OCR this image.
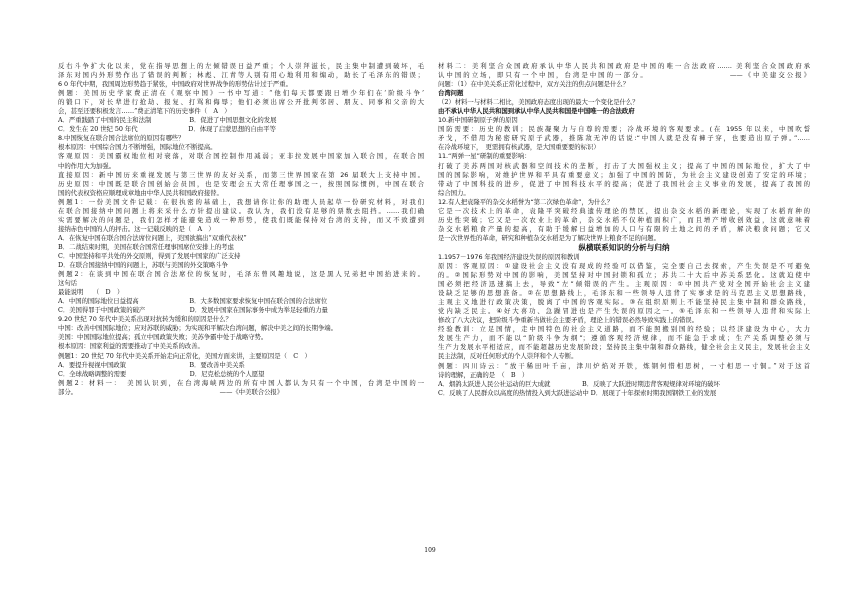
反右斗争扩大化以来，党在指导思想上的左倾错误日益严重；个人崇拜滋长，民主集中制遭到破坏，毛
泽东对国内外形势作出了错误的判断；林彪、江青等人别有用心地利用和煽动，助长了毛泽东的错误；
6 0 年代中期，我国周边形势趋于紧张，中国政府对世界战争的形势估计过于严重。
例题：美国历史学家费正清在《观察中国》一书中写道：“他们每天都要跟日增少年们在‘阶级斗争’
的锻口下，对长辈进行抢劫、报复、打骂和侮辱；他们必须出席公开批判邻居、朋友、同事和父亲的大
会，甚至还要积极发言……”费正清笔下的历史事件（　A　）
A．严重践踏了中国的民主和法制　　　　　　B．促进了中国思想文化的发展
C．发生在 20 世纪 50 年代　　　　　　　　D．体现了启蒙思想的自由平等
8.中国恢复在联合国合法席位的原因有哪些？
根本原因：中国综合国力不断增强，国际地位不断提高。
客观原因：美国霸权地位相对衰落，对联合国控制作用减弱；亚非拉发展中国家加入联合国，在联合国
中的作用大为加强。
直接原因：新中国历来重视发展与第三世界的友好关系，而第三世界国家在第 26 届联大上支持中国。
历史原因：中国既是联合国创始会员国，也是安理会五大常任理事国之一，按照国际惯例，中国在联合
国的代表权资格应顺理成章地由中华人民共和国政府接替。
例题1：一份美国文件记载：在很执密的基础上，我想请你让你的助理人员起草一份研究材料，对我们
在联合国接纳中国问题上将来采什么方针提出建议。我认为，我们没有足够的票数去阻挡。……我们确
实需要解决的问题是，我们怎样才能避免造成一种形势，使我们既能保持对台湾的支持，而又不致遭到
接纳赤色中国的人的抨击。这一记载反映的是（　A　）
A．在恢复中国在联合国合法席位问题上，美国欲搞出“双重代表权”
B．二战结束时期，美国在联合国常任理事国席位安排上的考虑
C．中国坚持和平共处的外交原则，得到了发展中国家的广泛支持
D．在联合国接纳中国的问题上，苏联与美国的外交策略斗争
例题2：在谈到中国在联合国合法席位的恢复时，毛泽东曾风趣地说，这是黑人兄弟把中国抬进来的。
这句话
最能说明　　（　D　）
A．中国的国际地位日益提高　　　　　　　　B．大多数国家要求恢复中国在联合国的合法席位
C．美国得罪于中国政策的破产　　　　　　　D．发展中国家在国际事务中成为举足轻重的力量
9.20 世纪 70 年代中美关系出现对抗转为缓和的原因是什么？
中国：改善中国国际地位；应对苏联的威胁；为实现和平解决台湾问题，解决中美之间的长期争端。
美国：中国国际地位提高；孤立中国政策失败；美苏争霸中处于战略守势。
根本原因：国家利益的需要推动了中美关系的改善。
例题1：20 世纪 70 年代中美关系开始走向正常化，美国方面来讲，主要原因是（　C　）
A．要提升视视中国政策　　　　　　　　　　B．要改善中美关系
C．全球战略调整的需要　　　　　　　　　　D．尼克松总统的个人愿望
例题2：材料一：　美国认识到，在台湾海峡两边的所有中国人都认为只有一个中国，台湾是中国的一
部分。　　　　　　　　　　　　　　　　　　　　　　　——《中美联合公报》
材料二：美利坚合众国政府承认中华人民共和国政府是中国的唯一合法政府……. 美利坚合众国政府承
认中国的立场，即只有一个中国，台湾是中国的一部分。　　　　　　　　　　——《中美建交公报》
问题：（1）在中美关系正常化过程中，双方关注的焦点问题是什么？
台湾问题
（2）材料一与材料二相比，美国政府态度出现的最大一个变化是什么？
由不承认中华人民共和国到承认中华人民共和国是中国唯一的合法政府
10.新中国研制原子弹的原因
国防需要：历史的教训；民族凝聚力与自尊的需要；冷战环境的客观要求。(在 1955 年以来，中国吹誓
矛戈，不借用为秘密研究原子武器，推陈敌无冲的话说:“中国人就是没有褲子穿，也要造出原子弹。”……
在冷战环境下，　更需拥有核武器，是大国重要要的标识）
11.“两弹一星”研制的重要影响：
打破了美苏两国对核武器和空间技术的垄断，打击了大国强权主义；提高了中国的国际地位，扩大了中
国的国际影响，对维护世界和平具有重要意义；加强了中国的国防，为社会主义建设创造了安定的环境；
带动了中国科技的进步，促进了中国科技水平的提高；促进了我国社会主义事业的发展，提高了我国的
综合国力。
12.有人把袁隆平的杂交水稻誉为“第二次绿色革命”，为什么？
它是一次技术上的革命，袁隆平突破经典遗传理论的禁区，提出杂交水稻的新理论，实现了水稻育种的
历史性突破；它又是一次农业上的革命，杂交水稻不仅种植面积广，而且增产增收创效益，这就意味着
杂交水稻粮食产量的提高，有助于缓解日益增加的人口与有限的土地之间的矛盾，解决粮食问题；它又
是一次世界性的革命，研究和种植杂交水稻是为了解决世界上粮食不足的问题。
纵横联系知识的分析与归纳
1.1957－1976 年我国经济建设失误的原因和教训
原因：客观原因：①建设社会主义没有现成的经验可以借鉴，完全要自己去探索，产生失误是不可避免
的。②国际形势对中国的影响，美国坚持对中国封锁和孤立；苏共二十大后中苏关系恶化。这就迫使中
国必须把经济迅速搞上去，导致“左”倾错误的产生。主观原因：①中国共产党对全国开始社会主义建
设缺乏足够的思想准备。②在思想路线上，毛泽东和一些领导人违背了实事求是的马克思主义思想路线，
主观主义地进行政策决策，脱离了中国的客观实际。③在组织原则上不能坚持民主集中制和群众路线，
党内缺乏民主。④好大喜功、急躁冒进也是产生失误的原因之一。⑤毛泽东和一些领导人违背和实际上
修改了八大决议，把阶级斗争重新当做社会主要矛盾，理论上的错误必然导致实践上的错误。
经验教训：立足国情，走中国特色的社会主义道路，而不能照搬别国的经验；以经济建设为中心，大力
发展生产力，而不能以“阶级斗争为纲”；遵循客观经济规律，而不能急于求成；生产关系调整必须与
生产力发展水平相适应，而不能超越历史发展阶段；坚持民主集中制和群众路线，健全社会主义民主，发展社会主义
民主法制，反对任何形式的个人崇拜和个人专断。
例题：四川诗云：“放干稀田叶千亩，津川炉焰对开铁，炼钢何惜相思树，一寸相思一寸铜。”对于这首
诗的理解，正确的是　（　B　）
A．烟鸽太跃进人民公社运动的巨大成就　　　　　B．反映了大跃进时期违背客观规律对环境的破坏
C．反映了人民群众以高度的热情投入到大跃进运动中 D．展现了十年探索时期我国钢铁工业的发展
109
